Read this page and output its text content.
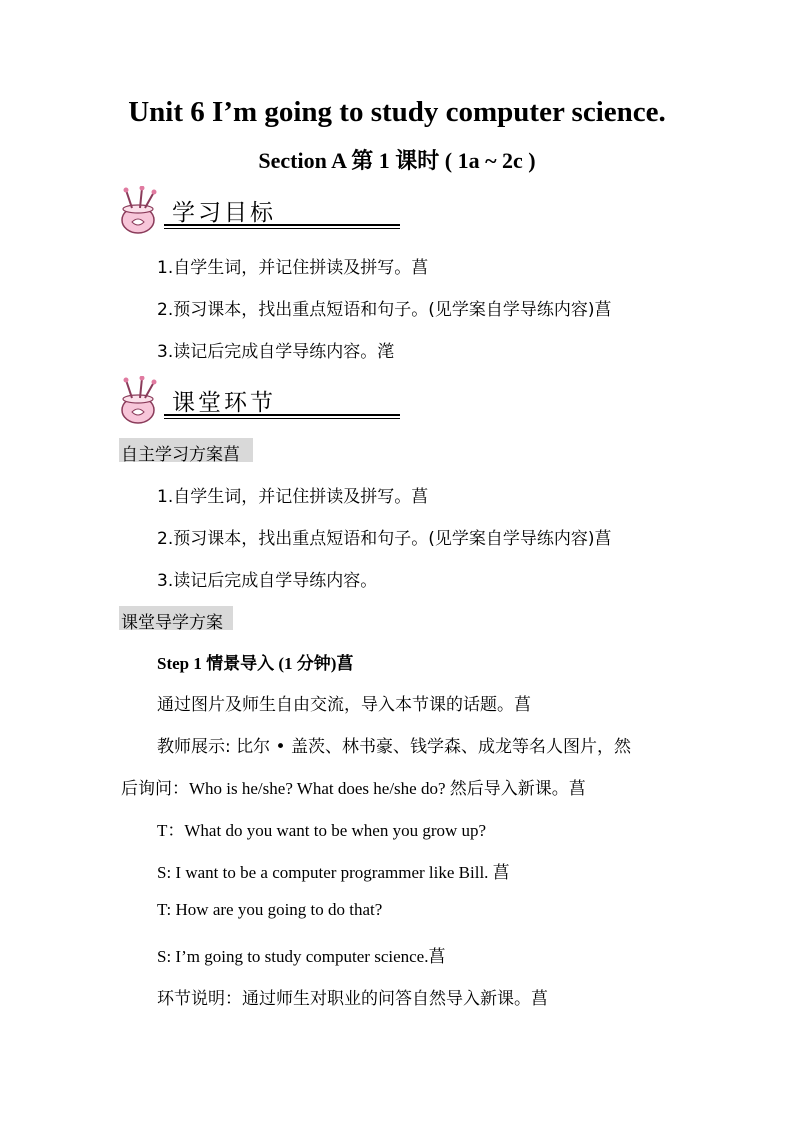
Unit 6 I’m going to study computer science.
Section A 第 1 课时 ( 1a ~ 2c )
学习目标
1.自学生词，并记住拼读及拼写。菖
2.预习课本，找出重点短语和句子。(见学案自学导练内容)菖
3.读记后完成自学导练内容。滗
课堂环节
自主学习方案菖
1.自学生词，并记住拼读及拼写。菖
2.预习课本，找出重点短语和句子。(见学案自学导练内容)菖
3.读记后完成自学导练内容。
课堂导学方案
Step 1 情景导入 (1 分钟)菖
通过图片及师生自由交流，导入本节课的话题。菖
教师展示: 比尔 • 盖茨、林书豪、钱学森、成龙等名人图片，然
后询问：Who is he/she? What does he/she do? 然后导入新课。菖
T：What do you want to be when you grow up?
S: I want to be a computer programmer like Bill. 菖
T: How are you going to do that?
S: I’m going to study computer science.菖
环节说明：通过师生对职业的问答自然导入新课。菖
